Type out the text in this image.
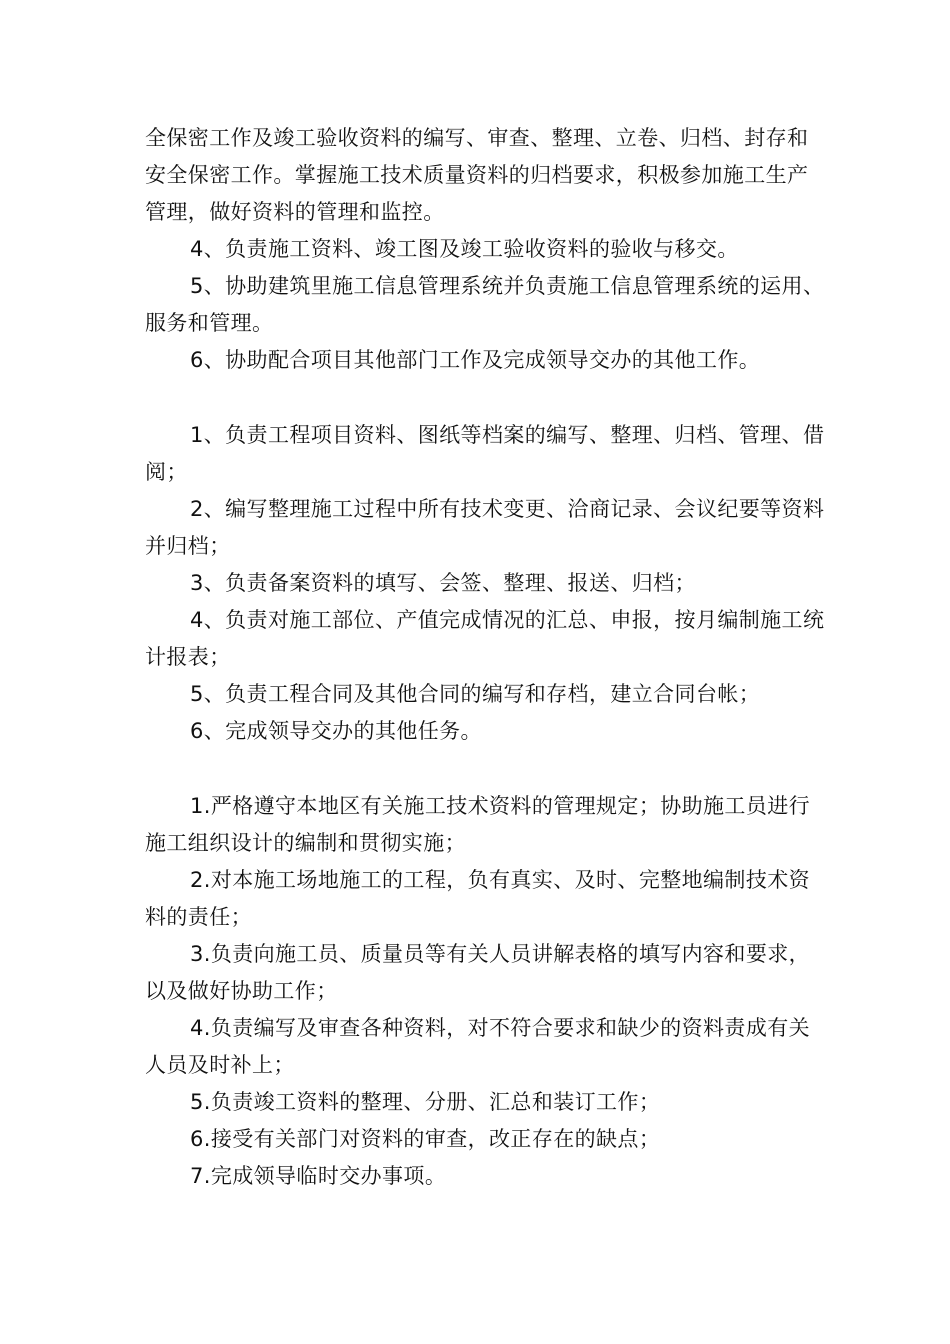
全保密工作及竣工验收资料的编写、审查、整理、立卷、归档、封存和安全保密工作。掌握施工技术质量资料的归档要求，积极参加施工生产管理，做好资料的管理和监控。

4、负责施工资料、竣工图及竣工验收资料的验收与移交。

5、协助建筑里施工信息管理系统并负责施工信息管理系统的运用、服务和管理。

6、协助配合项目其他部门工作及完成领导交办的其他工作。

1、负责工程项目资料、图纸等档案的编写、整理、归档、管理、借阅；

2、编写整理施工过程中所有技术变更、洽商记录、会议纪要等资料并归档；

3、负责备案资料的填写、会签、整理、报送、归档；

4、负责对施工部位、产值完成情况的汇总、申报，按月编制施工统计报表；

5、负责工程合同及其他合同的编写和存档，建立合同台帐；

6、完成领导交办的其他任务。

1.严格遵守本地区有关施工技术资料的管理规定；协助施工员进行施工组织设计的编制和贯彻实施；

2.对本施工场地施工的工程，负有真实、及时、完整地编制技术资料的责任；

3.负责向施工员、质量员等有关人员讲解表格的填写内容和要求，以及做好协助工作；

4.负责编写及审查各种资料，对不符合要求和缺少的资料责成有关人员及时补上；

5.负责竣工资料的整理、分册、汇总和装订工作；

6.接受有关部门对资料的审查，改正存在的缺点；

7.完成领导临时交办事项。
